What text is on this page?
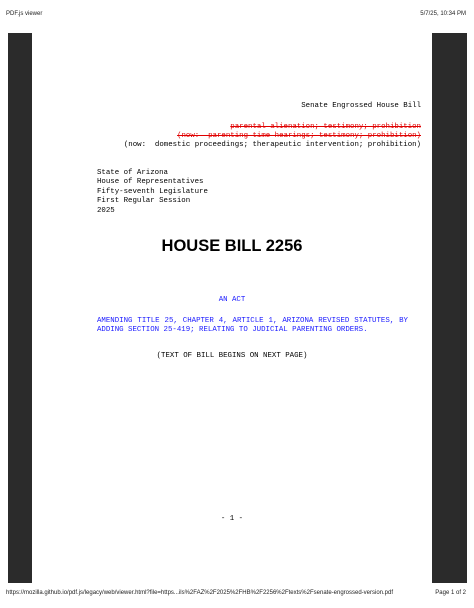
PDF.js viewer	5/7/25, 10:34 PM
Senate Engrossed House Bill
parental alienation; testimony; prohibition
(now:  parenting time hearings; testimony; prohibition)
(now:  domestic proceedings; therapeutic intervention; prohibition)
State of Arizona
House of Representatives
Fifty-seventh Legislature
First Regular Session
2025
HOUSE BILL 2256
AN ACT
AMENDING TITLE 25, CHAPTER 4, ARTICLE 1, ARIZONA REVISED STATUTES, BY
ADDING SECTION 25-419; RELATING TO JUDICIAL PARENTING ORDERS.
(TEXT OF BILL BEGINS ON NEXT PAGE)
- 1 -
https://mozilla.github.io/pdf.js/legacy/web/viewer.html?file=https...ils%2FAZ%2F2025%2FHB%2F2256%2Ftexts%2Fsenate-engrossed-version.pdf	Page 1 of 2
